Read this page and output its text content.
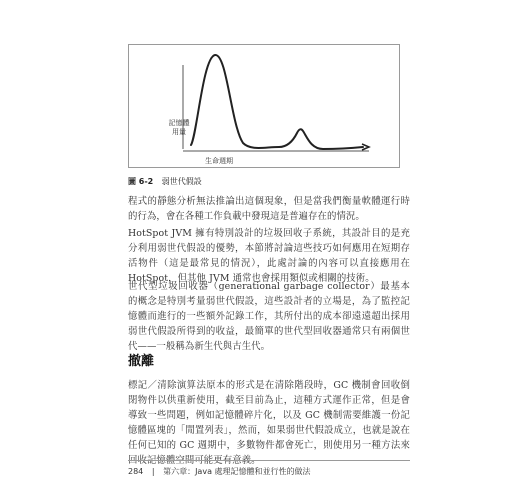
記憶體
用量
生命週期
圖 6-2 弱世代假設

程式的靜態分析無法推論出這個現象，但是當我們衡量軟體運行時的行為，會在各種工作負載中發現這是普遍存在的情況。

HotSpot JVM 擁有特別設計的垃圾回收子系統，其設計目的是充分利用弱世代假設的優勢，本節將討論這些技巧如何應用在短期存活物件（這是最常見的情況），此處討論的內容可以直接應用在 HotSpot，但其他 JVM 通常也會採用類似或相關的技術。

世代型垃圾回收器（generational garbage collector）最基本的概念是特別考量弱世代假設，這些設計者的立場是，為了監控記憶體而進行的一些額外記錄工作，其所付出的成本卻遠遠超出採用弱世代假設所得到的收益，最簡單的世代型回收器通常只有兩個世代——一般稱為新生代與古生代。

撤離

標記／清除演算法原本的形式是在清除階段時，GC 機制會回收倒閉物件以供重新使用，截至目前為止，這種方式運作正常，但是會導致一些問題，例如記憶體碎片化，以及 GC 機制需要維護一份記憶體區塊的「閒置列表」，然而，如果弱世代假設成立，也就是說在任何已知的 GC 週期中，多數物件都會死亡，則使用另一種方法來

284 | 第六章：Java 處理記憶體和並行性的做法
